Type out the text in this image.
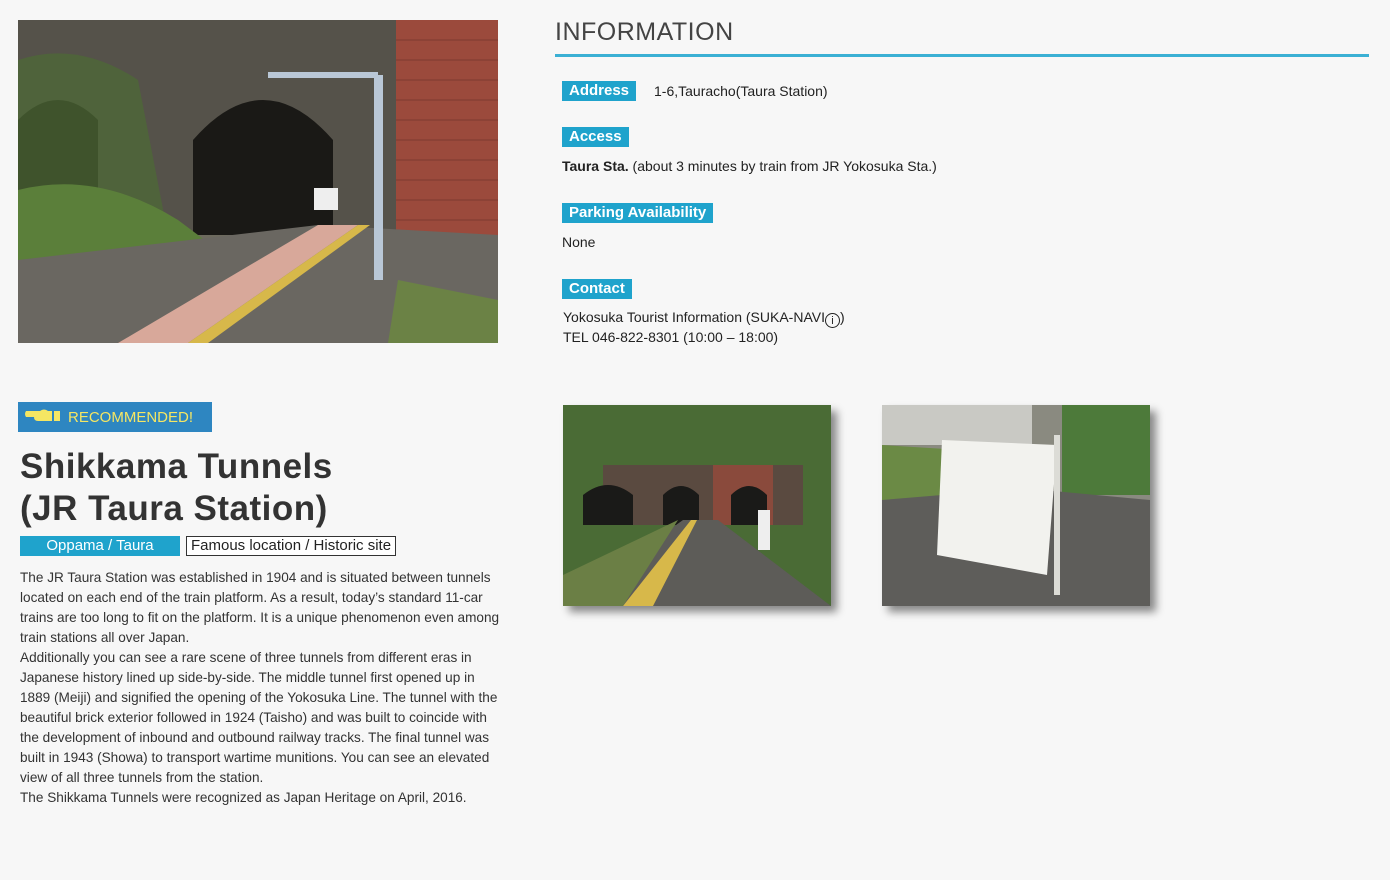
RECOMMENDED!
Shikkama Tunnels
(JR Taura Station)
Oppama / Taura	Famous location / Historic site

The JR Taura Station was established in 1904 and is situated between tunnels located on each end of the train platform. As a result, today’s standard 11-car trains are too long to fit on the platform. It is a unique phenomenon even among train stations all over Japan.

Additionally you can see a rare scene of three tunnels from different eras in Japanese history lined up side-by-side. The middle tunnel first opened up in 1889 (Meiji) and signified the opening of the Yokosuka Line. The tunnel with the beautiful brick exterior followed in 1924 (Taisho) and was built to coincide with the development of inbound and outbound railway tracks. The final tunnel was built in 1943 (Showa) to transport wartime munitions. You can see an elevated view of all three tunnels from the station.

The Shikkama Tunnels were recognized as Japan Heritage on April, 2016.

INFORMATION
Address	1-6,Tauracho(Taura Station)
Access
Taura Sta. (about 3 minutes by train from JR Yokosuka Sta.)
Parking Availability
None
Contact
Yokosuka Tourist Information (SUKA-NAVI i )
TEL 046-822-8301 (10:00 – 18:00)
